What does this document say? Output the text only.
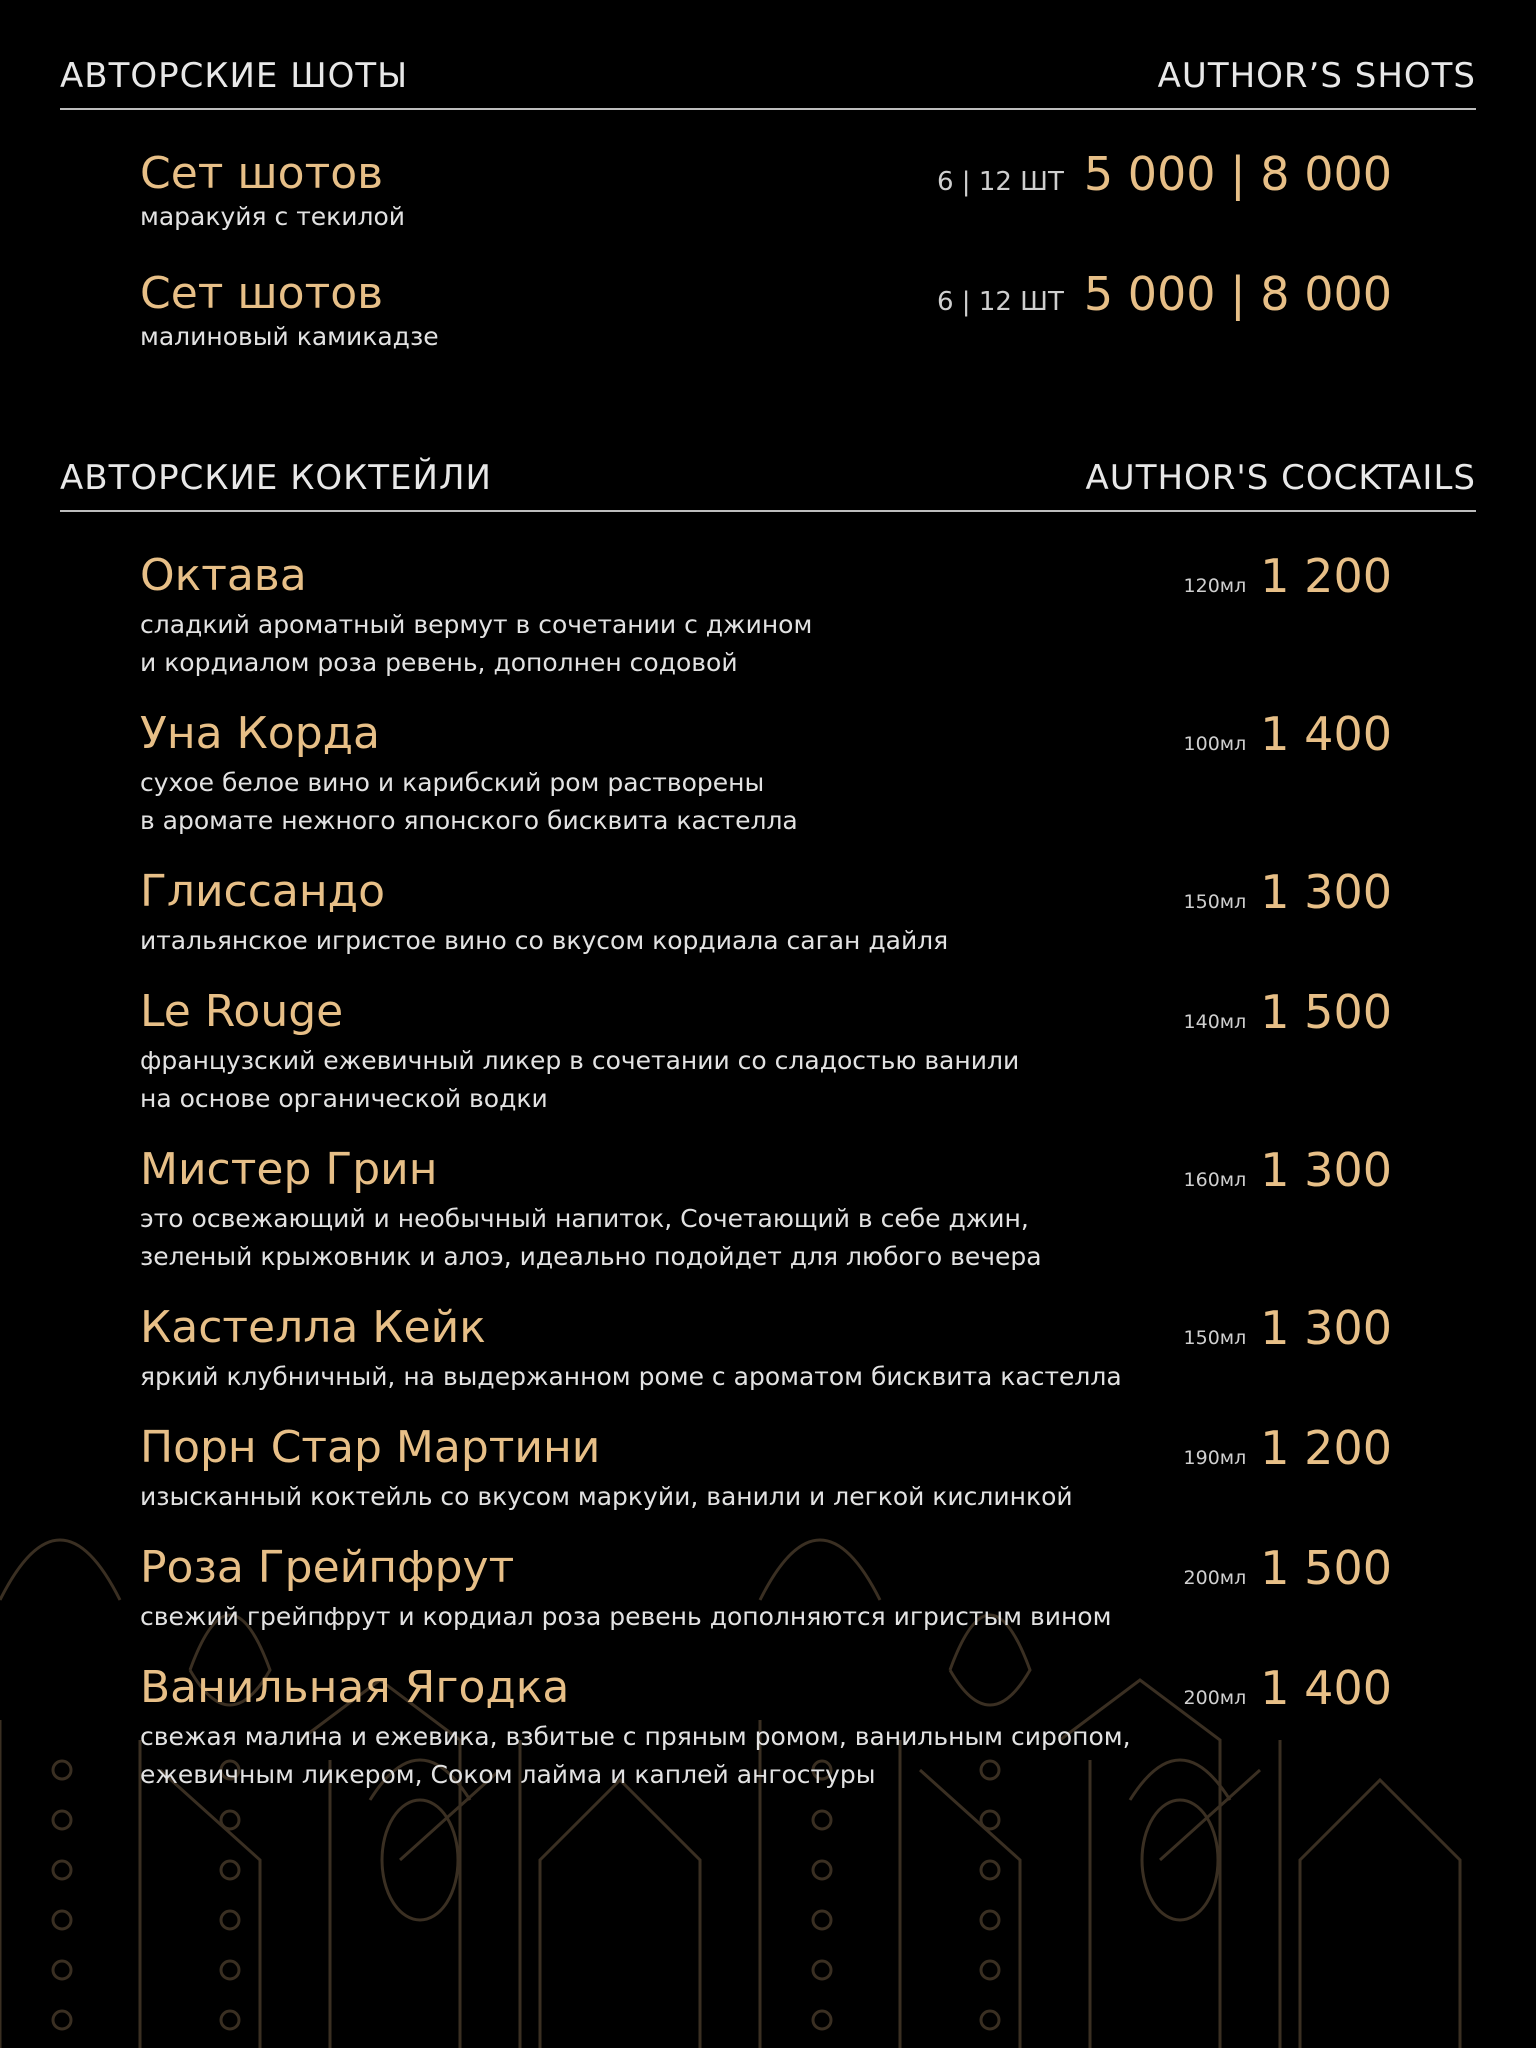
АВТОРСКИЕ ШОТЫ	AUTHOR’S SHOTS
Сет шотов	6 | 12 ШТ 5 000 | 8 000
маракуйя с текилой
Сет шотов	6 | 12 ШТ 5 000 | 8 000
малиновый камикадзе
АВТОРСКИЕ КОКТЕЙЛИ	AUTHOR'S COCKTAILS
Октава	120мл 1 200
сладкий ароматный вермут в сочетании с джином
и кордиалом роза ревень, дополнен содовой
Уна Корда	100мл 1 400
сухое белое вино и карибский ром растворены
в аромате нежного японского бисквита кастелла
Глиссандо	150мл 1 300
итальянское игристое вино со вкусом кордиала саган дайля
Le Rouge	140мл 1 500
французский ежевичный ликер в сочетании со сладостью ванили
на основе органической водки
Мистер Грин	160мл 1 300
это освежающий и необычный напиток, Сочетающий в себе джин,
зеленый крыжовник и алоэ, идеально подойдет для любого вечера
Кастелла Кейк	150мл 1 300
яркий клубничный, на выдержанном роме с ароматом бисквита кастелла
Порн Стар Мартини	190мл 1 200
изысканный коктейль со вкусом маркуйи, ванили и легкой кислинкой
Роза Грейпфрут	200мл 1 500
свежий грейпфрут и кордиал роза ревень дополняются игристым вином
Ванильная Ягодка	200мл 1 400
свежая малина и ежевика, взбитые с пряным ромом, ванильным сиропом,
ежевичным ликером, Соком лайма и каплей ангостуры
